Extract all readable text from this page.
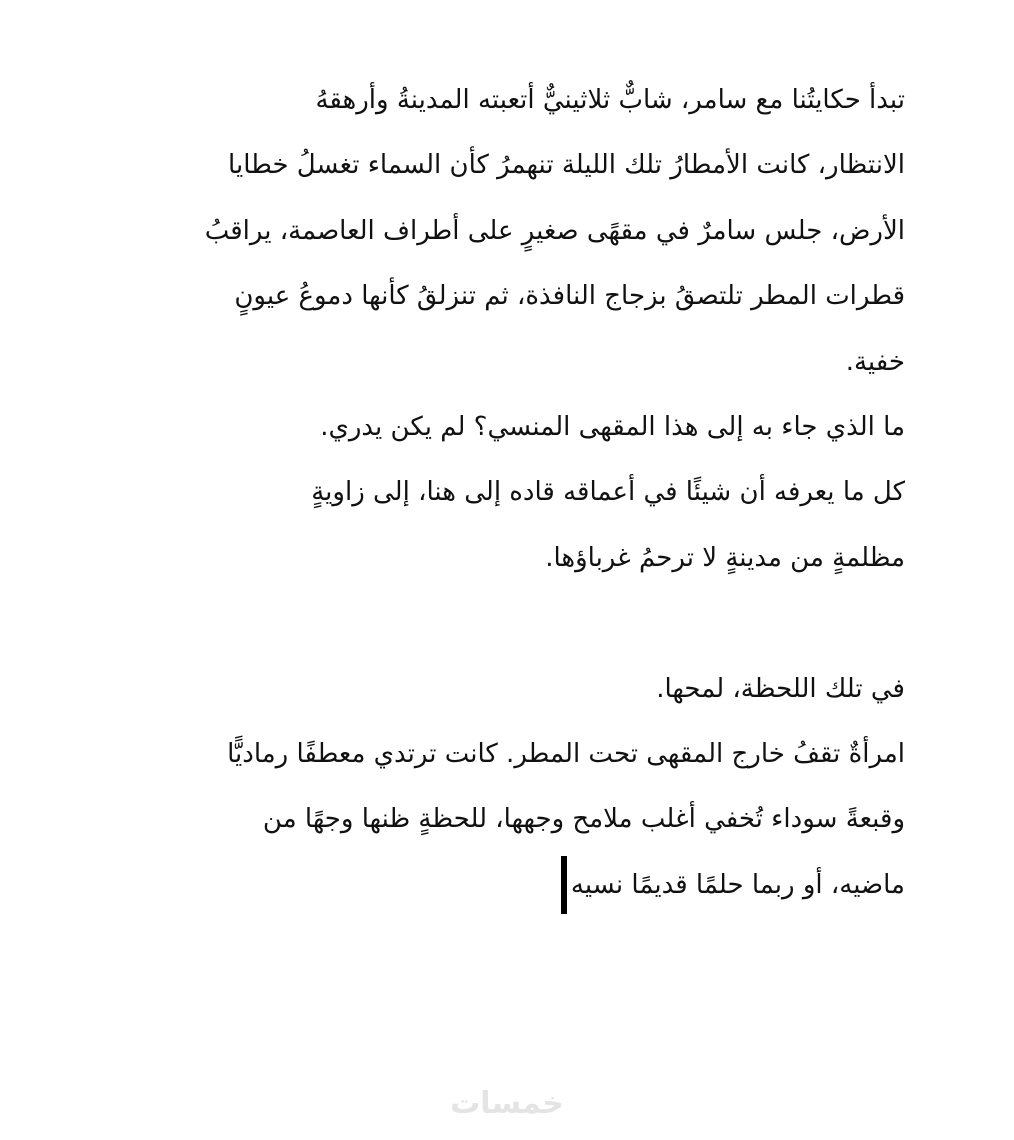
تبدأ حكايتُنا مع سامر، شابٌّ ثلاثينيٌّ أتعبته المدينةُ وأرهقهُ
الانتظار، كانت الأمطارُ تلك الليلة تنهمرُ كأن السماء تغسلُ خطايا
الأرض، جلس سامرٌ في مقهًى صغيرٍ على أطراف العاصمة، يراقبُ
قطرات المطر تلتصقُ بزجاج النافذة، ثم تنزلقُ كأنها دموعُ عيونٍ
خفية.
ما الذي جاء به إلى هذا المقهى المنسي؟ لم يكن يدري.
كل ما يعرفه أن شيئًا في أعماقه قاده إلى هنا، إلى زاويةٍ
مظلمةٍ من مدينةٍ لا ترحمُ غرباؤها.
في تلك اللحظة، لمحها.
امرأةٌ تقفُ خارج المقهى تحت المطر. كانت ترتدي معطفًا رماديًّا
وقبعةً سوداء تُخفي أغلب ملامح وجهها، للحظةٍ ظنها وجهًا من
ماضيه، أو ربما حلمًا قديمًا نسيه
خمسات
